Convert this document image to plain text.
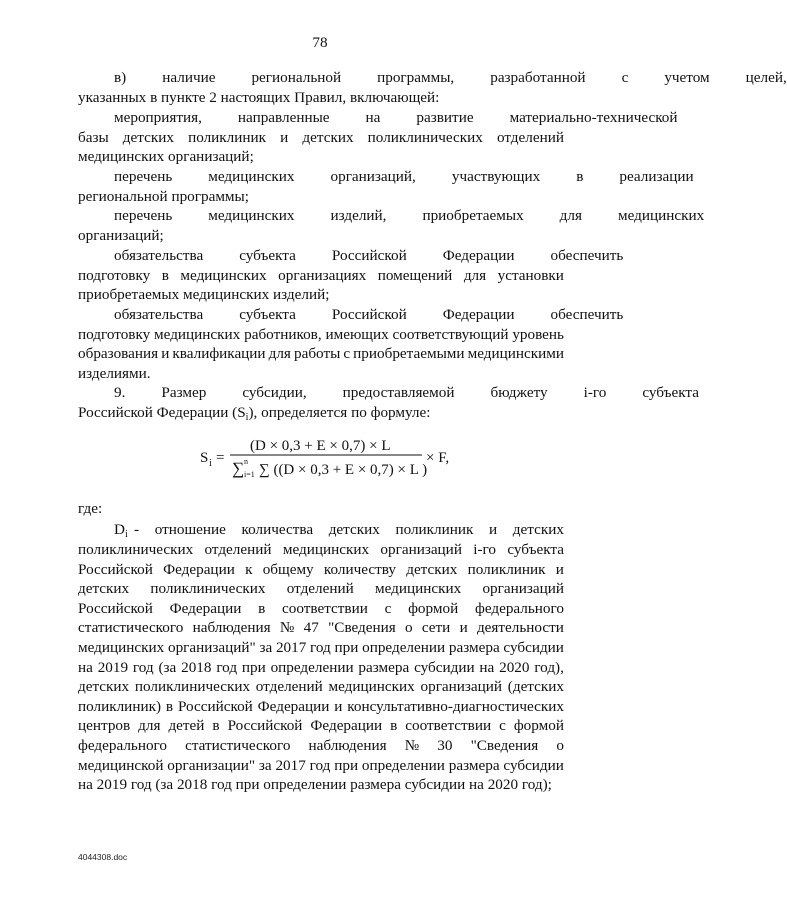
78
в)	наличие	региональной	программы,	разработанной	с	учетом	целей,
указанных в пункте 2 настоящих Правил, включающей:
мероприятия,	направленные	на	развитие	материально-технической
базы детских поликлиник и детских поликлинических отделений
медицинских организаций;
перечень	медицинских	организаций,	участвующих	в	реализации
региональной программы;
перечень	медицинских	изделий,	приобретаемых	для	медицинских
организаций;
обязательства	субъекта	Российской	Федерации	обеспечить
подготовку в медицинских организациях помещений для установки
приобретаемых медицинских изделий;
обязательства	субъекта	Российской	Федерации	обеспечить
подготовку медицинских работников, имеющих соответствующий уровень
образования и квалификации для работы с приобретаемыми медицинскими
изделиями.
9.	Размер	субсидии,	предоставляемой	бюджету	i-го	субъекта
Российской Федерации $(S_i)$, определяется по формуле:
S i =
(D × 0,3 + E × 0,7) × L
∑ n
i=1 ∑ ((D × 0,3 + E × 0,7) × L )
× F,
где:
$D_i$ - отношение количества детских поликлиник и детских
поликлинических отделений медицинских организаций i-го субъекта
Российской Федерации к общему количеству детских поликлиник и
детских поликлинических отделений медицинских организаций
Российской Федерации в соответствии с формой федерального
статистического наблюдения № 47 "Сведения о сети и деятельности
медицинских организаций" за 2017 год при определении размера субсидии
на 2019 год (за 2018 год при определении размера субсидии на 2020 год),
детских поликлинических отделений медицинских организаций (детских
поликлиник) в Российской Федерации и консультативно-диагностических
центров для детей в Российской Федерации в соответствии с формой
федерального статистического наблюдения № 30 "Сведения о
медицинской организации" за 2017 год при определении размера субсидии
на 2019 год (за 2018 год при определении размера субсидии на 2020 год);
4044308.doc
